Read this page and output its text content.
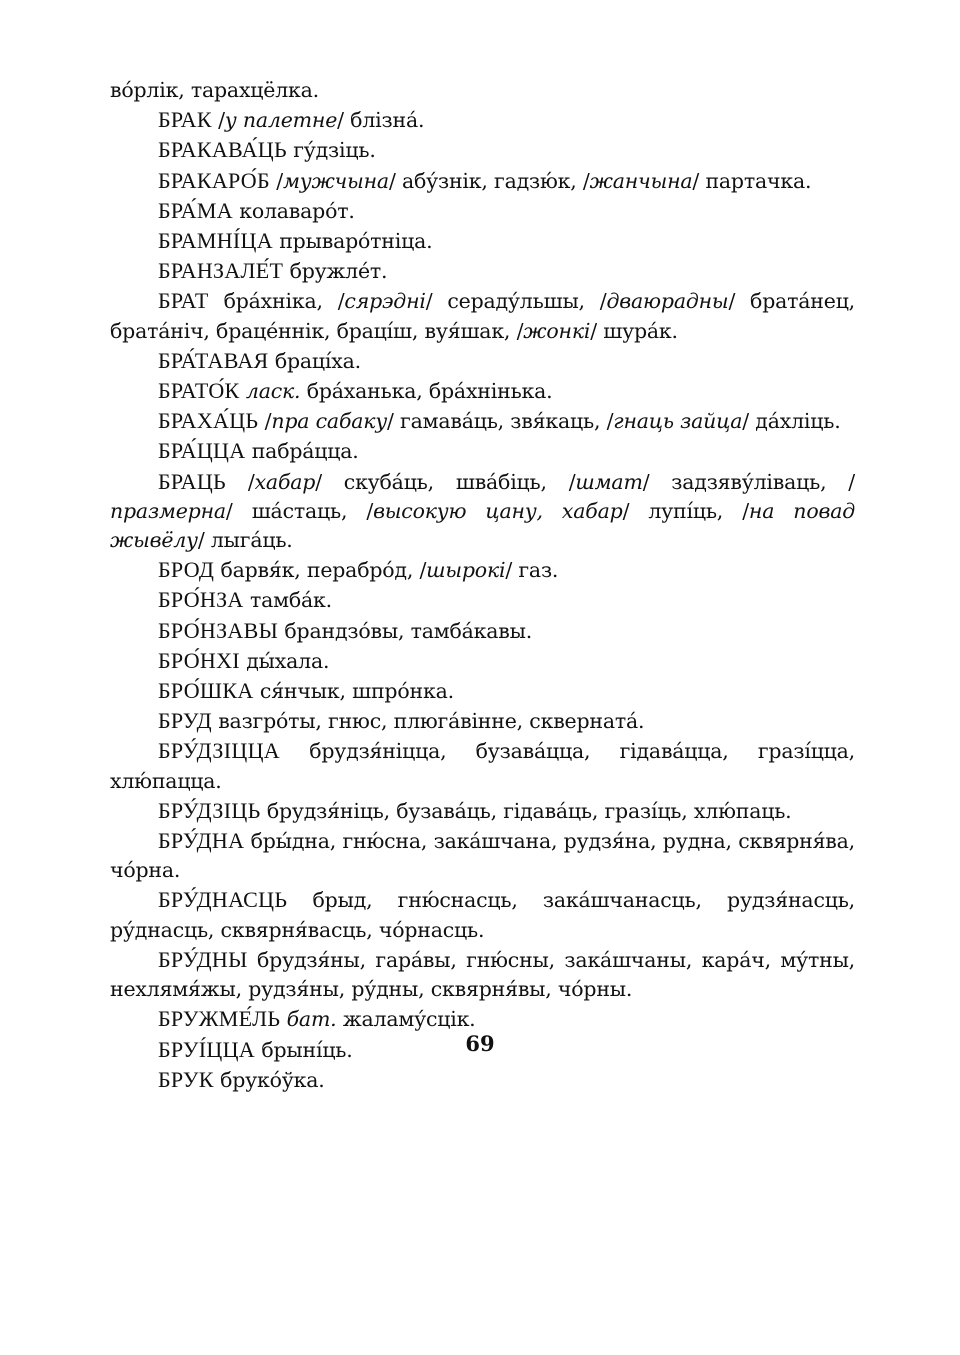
во́рлік, тарахцёлка.

БРАК /у палетне/ блізна́.

БРАКАВА́ЦЬ гу́дзіць.

БРАКАРО́Б /мужчына/ абу́знік, гадзю́к, /жанчына/ партачка.

БРА́МА колаваро́т.

БРАМНІ́ЦА прываро́тніца.

БРАНЗАЛЕ́Т бружле́т.

БРАТ бра́хніка, /сярэдні/ сераду́льшы, /дваюрадны/ брата́нец, брата́ніч, браце́ннік, брацíш, вуя́шак, /жонкі/ шура́к.

БРА́ТАВАЯ брацíха.

БРАТО́К ласк. бра́ханька, бра́хнінька.

БРАХА́ЦЬ /пра сабаку/ гамава́ць, звя́каць, /гнаць зайца/ да́хліць.

БРА́ЦЦА пабра́цца.

БРАЦЬ /хабар/ скуба́ць, шва́біць, /шмат/ задзяву́ліваць, /празмерна/ ша́стаць, /высокую цану, хабар/ лупíць, /на повад жывёлу/ лыга́ць.

БРОД барвя́к, перабро́д, /шырокі/ газ.

БРО́НЗА тамба́к.

БРО́НЗАВЫ брандзо́вы, тамба́кавы.

БРО́НХІ ды́хала.

БРО́ШКА ся́нчык, шпро́нка.

БРУД вазгро́ты, гнюс, плюга́вінне, скверната́.

БРУ́ДЗІЦЦА брудзя́ніцца, бузава́цца, гідава́цца, гразíцца, хлю́пацца.

БРУ́ДЗІЦЬ брудзя́ніць, бузава́ць, гідава́ць, гразíць, хлю́паць.

БРУ́ДНА бры́дна, гню́сна, зака́шчана, рудзя́на, рудна, сквярня́ва, чо́рна.

БРУ́ДНАСЦЬ брыд, гню́снасць, зака́шчанасць, рудзя́насць, ру́днасць, сквярня́васць, чо́рнасць.

БРУ́ДНЫ брудзя́ны, гара́вы, гню́сны, зака́шчаны, кара́ч, му́тны, нехлямя́жы, рудзя́ны, ру́дны, сквярня́вы, чо́рны.

БРУЖМЕ́ЛЬ бат. жаламу́сцік.

БРУІ́ЦЦА брынíць.

БРУК бруко́ўка.

69
